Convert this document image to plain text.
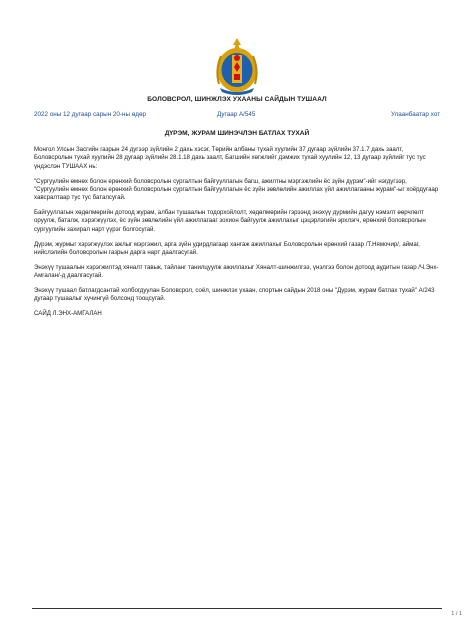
БОЛОВСРОЛ, ШИНЖЛЭХ УХААНЫ САЙДЫН ТУШААЛ
2022 оны 12 дугаар сарын 20-ны өдөр	Дугаар А/545	Улаанбаатар хот
ДҮРЭМ, ЖУРАМ ШИНЭЧЛЭН БАТЛАХ ТУХАЙ

Монгол Улсын Засгийн газрын 24 дүгээр зүйлийн 2 дахь хэсэг, Төрийн албаны тухай хуулийн 37 дугаар зүйлийн 37.1.7 дахь заалт, Боловсролын тухай хуулийн 28 дугаар зүйлийн 28.1.18 дахь заалт, Багшийн хөгжлийг дэмжих тухай хуулийн 12, 13 дугаар зүйлийг тус тус үндэслэн ТУШААХ нь:

"Сургуулийн өмнөх болон ерөнхий боловсролын сургалтын байгууллагын багш, ажилтны мэргэжлийн ёс зүйн дүрэм"-ийг нэгдүгээр, "Сургуулийн өмнөх болон ерөнхий боловсролын сургалтын байгууллагын ёс зүйн зөвлөлийн ажиллах үйл ажиллагааны журам"-ыг хоёрдугаар хавсралтаар тус тус баталсугай.

Байгууллагын хөдөлмөрийн дотоод журам, албан тушаалын тодорхойлолт, хөдөлмөрийн гэрээнд энэхүү дүрмийн дагуу нэмэлт өөрчлөлт оруулж, баталж, хэрэгжүүлэх, ёс зүйн зөвлөлийн үйл ажиллагааг зохион байгуулж ажиллахыг цэцэрлэгийн эрхлэгч, ерөнхий боловсролын сургуулийн захирал нарт үүрэг болгосугай.

Дүрэм, журмыг хэрэгжүүлэх ажлыг мэргэжил, арга зүйн удирдлагаар хангаж ажиллахыг Боловсролын ерөнхий газар /Т.Нямочир/, аймаг, нийслэлийн боловсролын газрын дарга нарт даалгасугай.

Энэхүү тушаалын хэрэгжилтэд хяналт тавьж, тайланг танилцуулж ажиллахыг Хяналт-шинжилгээ, үнэлгээ болон дотоод аудитын газар /Ч.Энх-Амгалан/-д даалгасугай.

Энэхүү тушаал батлагдсантай холбогдуулан Боловсрол, соёл, шинжлэх ухаан, спортын сайдын 2018 оны "Дүрэм, журам батлах тухай" А/243 дугаар тушаалыг хүчингүй болсонд тооцсугай.

САЙД Л.ЭНХ-АМГАЛАН

1 / 1
